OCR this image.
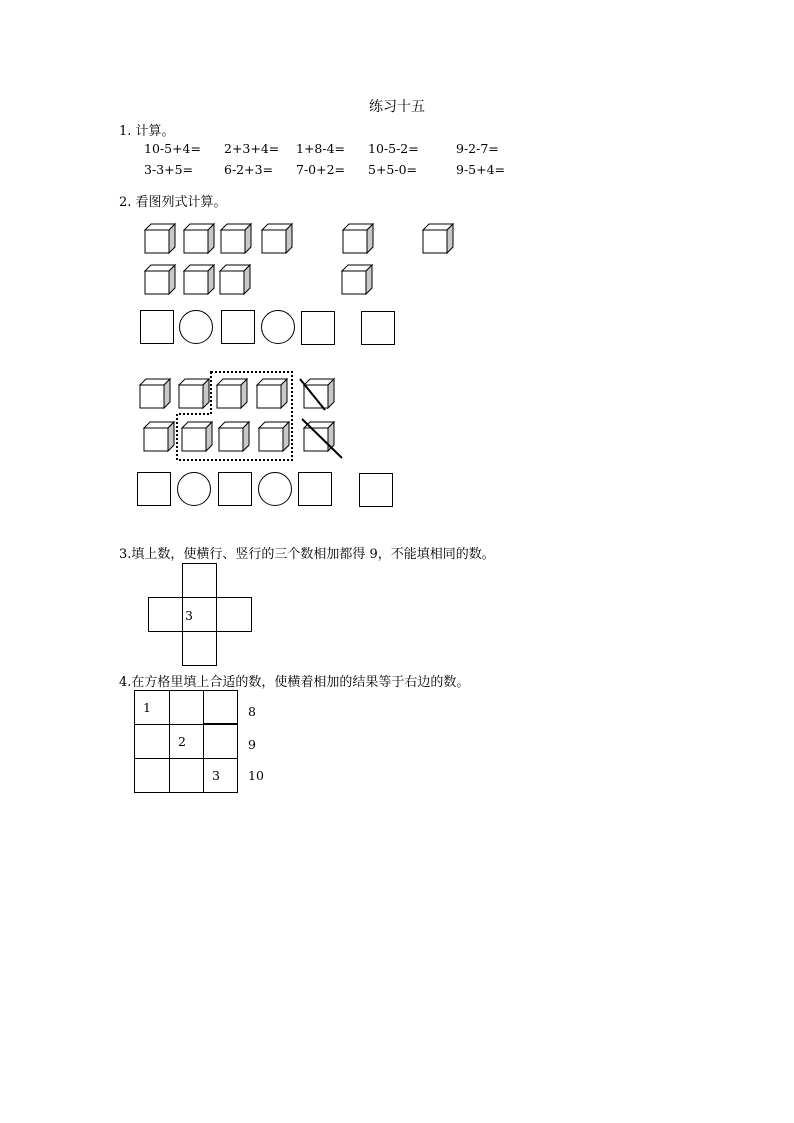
练习十五
1. 计算。
10-5+4= 2+3+4= 1+8-4= 10-5-2=	9-2-7=
3-3+5= 6-2+3= 7-0+2= 5+5-0=	9-5+4=
2. 看图列式计算。
3.填上数，使横行、竖行的三个数相加都得 9，不能填相同的数。
3
4.在方格里填上合适的数，使横着相加的结果等于右边的数。
1
2
3
8
9
10
